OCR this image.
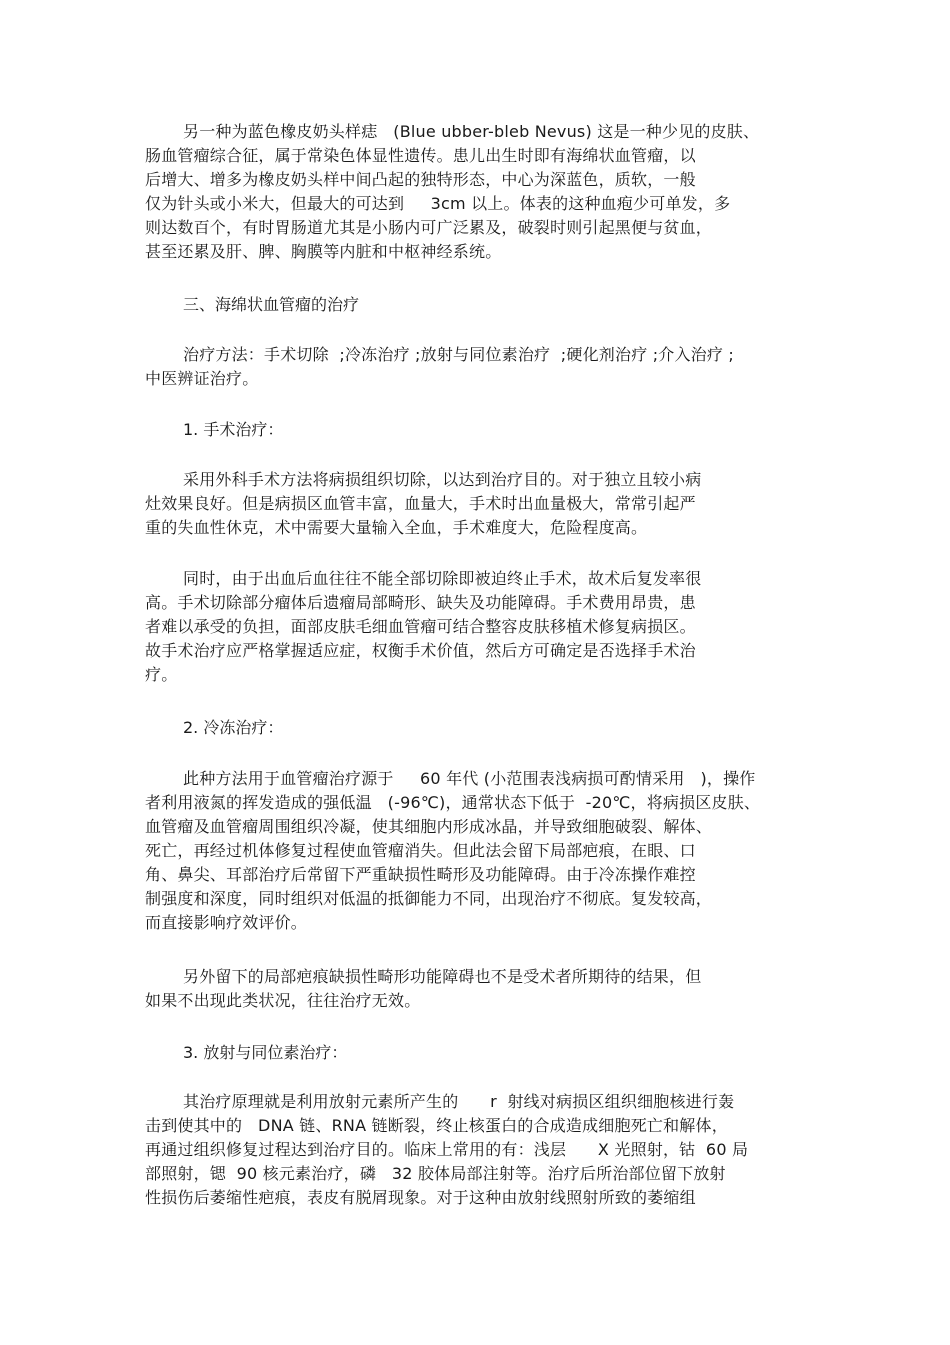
另一种为蓝色橡皮奶头样痣   (Blue ubber-bleb Nevus) 这是一种少见的皮肤、
肠血管瘤综合征，属于常染色体显性遗传。患儿出生时即有海绵状血管瘤，以
后增大、增多为橡皮奶头样中间凸起的独特形态，中心为深蓝色，质软，一般
仅为针头或小米大，但最大的可达到     3cm 以上。体表的这种血疱少可单发，多
则达数百个，有时胃肠道尤其是小肠内可广泛累及，破裂时则引起黑便与贫血，
甚至还累及肝、脾、胸膜等内脏和中枢神经系统。
三、海绵状血管瘤的治疗
治疗方法：手术切除  ;冷冻治疗 ;放射与同位素治疗  ;硬化剂治疗 ;介入治疗 ;
中医辨证治疗。
1. 手术治疗：
采用外科手术方法将病损组织切除，以达到治疗目的。对于独立且较小病
灶效果良好。但是病损区血管丰富，血量大，手术时出血量极大，常常引起严
重的失血性休克，术中需要大量输入全血，手术难度大，危险程度高。
同时，由于出血后血往往不能全部切除即被迫终止手术，故术后复发率很
高。手术切除部分瘤体后遗瘤局部畸形、缺失及功能障碍。手术费用昂贵，患
者难以承受的负担，面部皮肤毛细血管瘤可结合整容皮肤移植术修复病损区。
故手术治疗应严格掌握适应症，权衡手术价值，然后方可确定是否选择手术治
疗。
2. 冷冻治疗：
此种方法用于血管瘤治疗源于     60 年代 (小范围表浅病损可酌情采用   )，操作
者利用液氮的挥发造成的强低温   (-96℃)，通常状态下低于  -20℃，将病损区皮肤、
血管瘤及血管瘤周围组织冷凝，使其细胞内形成冰晶，并导致细胞破裂、解体、
死亡，再经过机体修复过程使血管瘤消失。但此法会留下局部疤痕，在眼、口
角、鼻尖、耳部治疗后常留下严重缺损性畸形及功能障碍。由于冷冻操作难控
制强度和深度，同时组织对低温的抵御能力不同，出现治疗不彻底。复发较高，
而直接影响疗效评价。
另外留下的局部疤痕缺损性畸形功能障碍也不是受术者所期待的结果，但
如果不出现此类状况，往往治疗无效。
3. 放射与同位素治疗：
其治疗原理就是利用放射元素所产生的      r  射线对病损区组织细胞核进行轰
击到使其中的   DNA 链、RNA 链断裂，终止核蛋白的合成造成细胞死亡和解体，
再通过组织修复过程达到治疗目的。临床上常用的有：浅层      X 光照射，钴  60 局
部照射，锶  90 核元素治疗，磷   32 胶体局部注射等。治疗后所治部位留下放射
性损伤后萎缩性疤痕，表皮有脱屑现象。对于这种由放射线照射所致的萎缩组
